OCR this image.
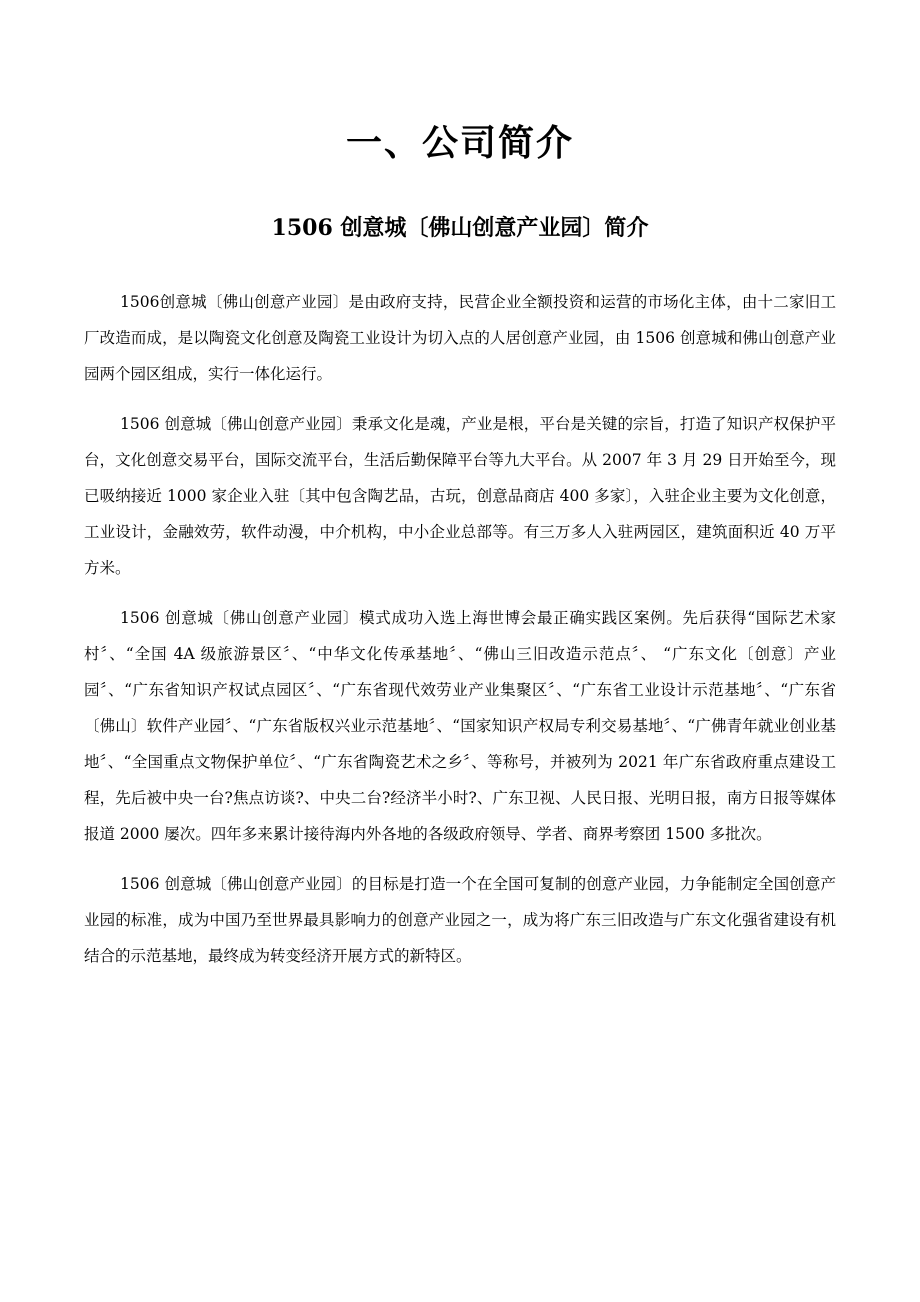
一、公司简介
1506 创意城〔佛山创意产业园〕简介

1506创意城〔佛山创意产业园〕是由政府支持，民营企业全额投资和运营的市场化主体，由十二家旧工厂改造而成，是以陶瓷文化创意及陶瓷工业设计为切入点的人居创意产业园，由 1506 创意城和佛山创意产业园两个园区组成，实行一体化运行。

1506 创意城〔佛山创意产业园〕秉承文化是魂，产业是根，平台是关键的宗旨，打造了知识产权保护平台，文化创意交易平台，国际交流平台，生活后勤保障平台等九大平台。从 2007 年 3 月 29 日开始至今，现已吸纳接近 1000 家企业入驻〔其中包含陶艺品，古玩，创意品商店 400 多家〕，入驻企业主要为文化创意，工业设计，金融效劳，软件动漫，中介机构，中小企业总部等。有三万多人入驻两园区，建筑面积近 40 万平方米。

1506 创意城〔佛山创意产业园〕模式成功入选上海世博会最正确实践区案例。先后获得“国际艺术家村〞、“全国 4A 级旅游景区〞、“中华文化传承基地〞、“佛山三旧改造示范点〞、 “广东文化〔创意〕产业园〞、“广东省知识产权试点园区〞、“广东省现代效劳业产业集聚区〞、“广东省工业设计示范基地〞、“广东省〔佛山〕软件产业园〞、“广东省版权兴业示范基地〞、“国家知识产权局专利交易基地〞、“广佛青年就业创业基地〞、“全国重点文物保护单位〞、“广东省陶瓷艺术之乡〞、等称号，并被列为 2021 年广东省政府重点建设工程，先后被中央一台?焦点访谈?、中央二台?经济半小时?、广东卫视、人民日报、光明日报，南方日报等媒体报道 2000 屡次。四年多来累计接待海内外各地的各级政府领导、学者、商界考察团 1500 多批次。

1506 创意城〔佛山创意产业园〕的目标是打造一个在全国可复制的创意产业园，力争能制定全国创意产业园的标准，成为中国乃至世界最具影响力的创意产业园之一，成为将广东三旧改造与广东文化强省建设有机结合的示范基地，最终成为转变经济开展方式的新特区。
